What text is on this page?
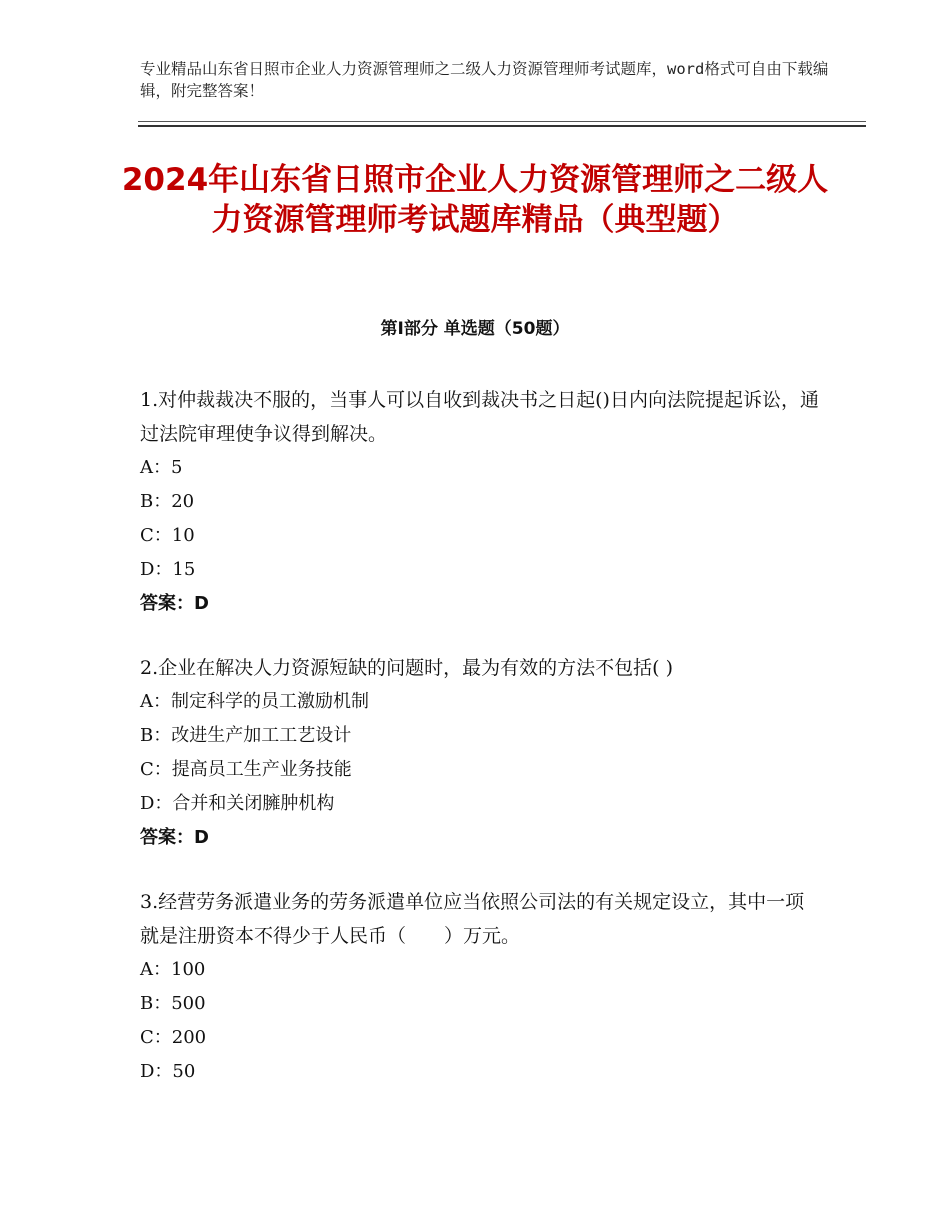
专业精品山东省日照市企业人力资源管理师之二级人力资源管理师考试题库，word格式可自由下载编辑，附完整答案！
2024年山东省日照市企业人力资源管理师之二级人力资源管理师考试题库精品（典型题）
第Ⅰ部分 单选题（50题）
1.对仲裁裁决不服的，当事人可以自收到裁决书之日起()日内向法院提起诉讼，通过法院审理使争议得到解决。
A：5
B：20
C：10
D：15
答案：D
2.企业在解决人力资源短缺的问题时，最为有效的方法不包括( )
A：制定科学的员工激励机制
B：改进生产加工工艺设计
C：提高员工生产业务技能
D：合并和关闭臃肿机构
答案：D
3.经营劳务派遣业务的劳务派遣单位应当依照公司法的有关规定设立，其中一项就是注册资本不得少于人民币（　　）万元。
A：100
B：500
C：200
D：50
